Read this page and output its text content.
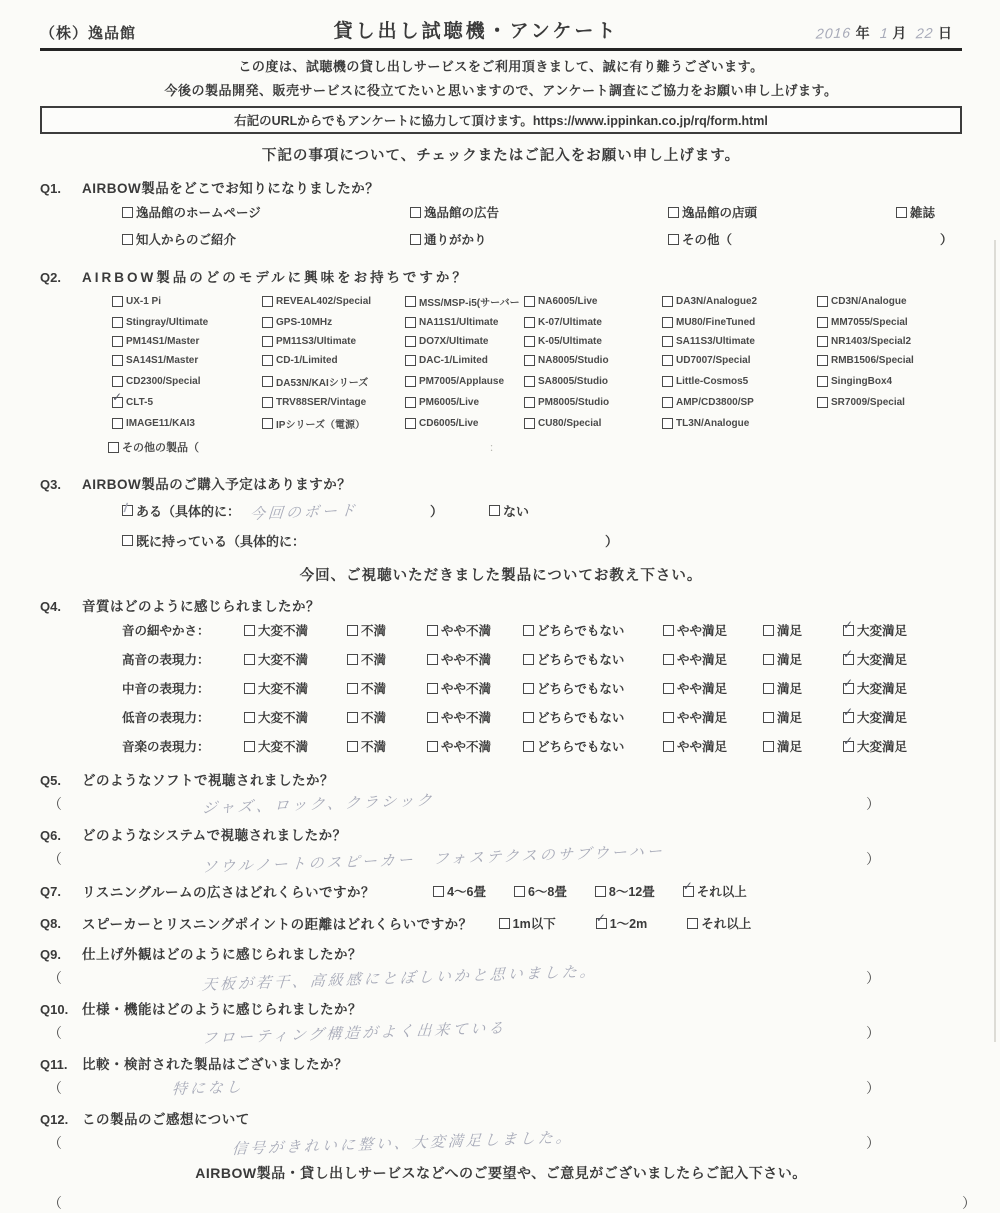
（株）逸品館	貸し出し試聴機・アンケート	2016 年 1 月 22 日
この度は、試聴機の貸し出しサービスをご利用頂きまして、誠に有り難うございます。
今後の製品開発、販売サービスに役立てたいと思いますので、アンケート調査にご協力をお願い申し上げます。
右記のURLからでもアンケートに協力して頂けます。https://www.ippinkan.co.jp/rq/form.html
下記の事項について、チェックまたはご記入をお願い申し上げます。
Q1.	AIRBOW製品をどこでお知りになりましたか？
逸品館のホームページ	逸品館の広告	逸品館の店頭	雑誌
知人からのご紹介	通りがかり	その他（	）
Q2.	AIRBOW製品のどのモデルに興味をお持ちですか？
UX-1 Pi	REVEAL402/Special	MSS/MSP-i5(サーバー NA6005/Live	DA3N/Analogue2	CD3N/Analogue
Stingray/Ultimate	GPS-10MHz	NA11S1/Ultimate	K-07/Ultimate	MU80/FineTuned	MM7055/Special
PM14S1/Master	PM11S3/Ultimate	DO7X/Ultimate	K-05/Ultimate	SA11S3/Ultimate	NR1403/Special2
SA14S1/Master	CD-1/Limited	DAC-1/Limited	NA8005/Studio	UD7007/Special	RMB1506/Special
CD2300/Special	DA53N/KAIシリーズ	PM7005/Applause	SA8005/Studio	Little-Cosmos5	SingingBox4
✓ CLT-5	TRV88SER/Vintage	PM6005/Live	PM8005/Studio	AMP/CD3800/SP	SR7009/Special
IMAGE11/KAI3	IPシリーズ（電源）	CD6005/Live	CU80/Special	TL3N/Analogue
その他の製品（	：
Q3.	AIRBOW製品のご購入予定はありますか？
/ ある（具体的に： 今回のボード	）	ない
既に持っている（具体的に：	）
今回、ご視聴いただきました製品についてお教え下さい。
Q4.	音質はどのように感じられましたか？
音の細やかさ：	大変不満	不満	やや不満	どちらでもない	やや満足	満足	✓ 大変満足
高音の表現力：	大変不満	不満	やや不満	どちらでもない	やや満足	満足	✓ 大変満足
中音の表現力：	大変不満	不満	やや不満	どちらでもない	やや満足	満足	✓ 大変満足
低音の表現力：	大変不満	不満	やや不満	どちらでもない	やや満足	満足	✓ 大変満足
音楽の表現力：	大変不満	不満	やや不満	どちらでもない	やや満足	満足	✓ 大変満足
Q5.	どのようなソフトで視聴されましたか？
（	ジャズ、ロック、クラシック	）
Q6.	どのようなシステムで視聴されましたか？
（	ソウルノートのスピーカー　フォステクスのサブウーハー	）
Q7.	リスニングルームの広さはどれくらいですか？	4～6畳	6～8畳	8～12畳 ✓ それ以上
Q8.	スピーカーとリスニングポイントの距離はどれくらいですか？	1m以下	✓ 1～2m	それ以上
Q9.	仕上げ外観はどのように感じられましたか？
（	天板が若干、高級感にとぼしいかと思いました。	）
Q10.	仕様・機能はどのように感じられましたか？
（	フローティング構造がよく出来ている	）
Q11.	比較・検討された製品はございましたか？
（	特になし	）
Q12.	この製品のご感想について
（	信号がきれいに整い、大変満足しました。	）
AIRBOW製品・貸し出しサービスなどへのご要望や、ご意見がございましたらご記入下さい。
（	）
